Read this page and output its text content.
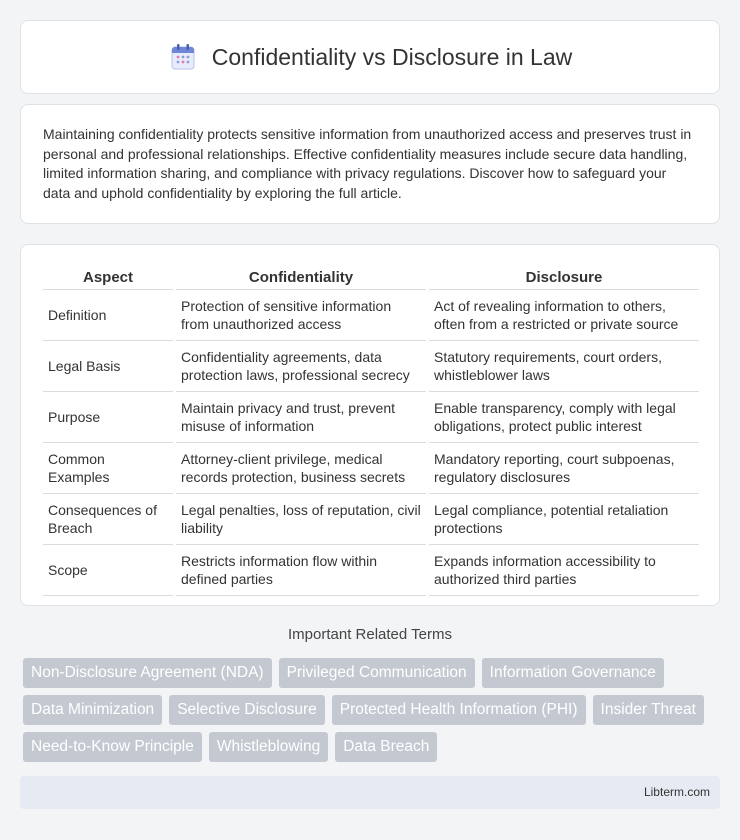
Confidentiality vs Disclosure in Law

Maintaining confidentiality protects sensitive information from unauthorized access and preserves trust in personal and professional relationships. Effective confidentiality measures include secure data handling, limited information sharing, and compliance with privacy regulations. Discover how to safeguard your data and uphold confidentiality by exploring the full article.

Aspect	Confidentiality	Disclosure
Definition	Protection of sensitive information from unauthorized access	Act of revealing information to others, often from a restricted or private source
Legal Basis	Confidentiality agreements, data protection laws, professional secrecy	Statutory requirements, court orders, whistleblower laws
Purpose	Maintain privacy and trust, prevent misuse of information	Enable transparency, comply with legal obligations, protect public interest
Common Examples	Attorney-client privilege, medical records protection, business secrets	Mandatory reporting, court subpoenas, regulatory disclosures
Consequences of Breach	Legal penalties, loss of reputation, civil liability	Legal compliance, potential retaliation protections
Scope	Restricts information flow within defined parties	Expands information accessibility to authorized third parties
Important Related Terms
Non-Disclosure Agreement (NDA)	Privileged Communication	Information Governance
Data Minimization	Selective Disclosure	Protected Health Information (PHI)	Insider Threat
Need-to-Know Principle	Whistleblowing	Data Breach
Libterm.com
